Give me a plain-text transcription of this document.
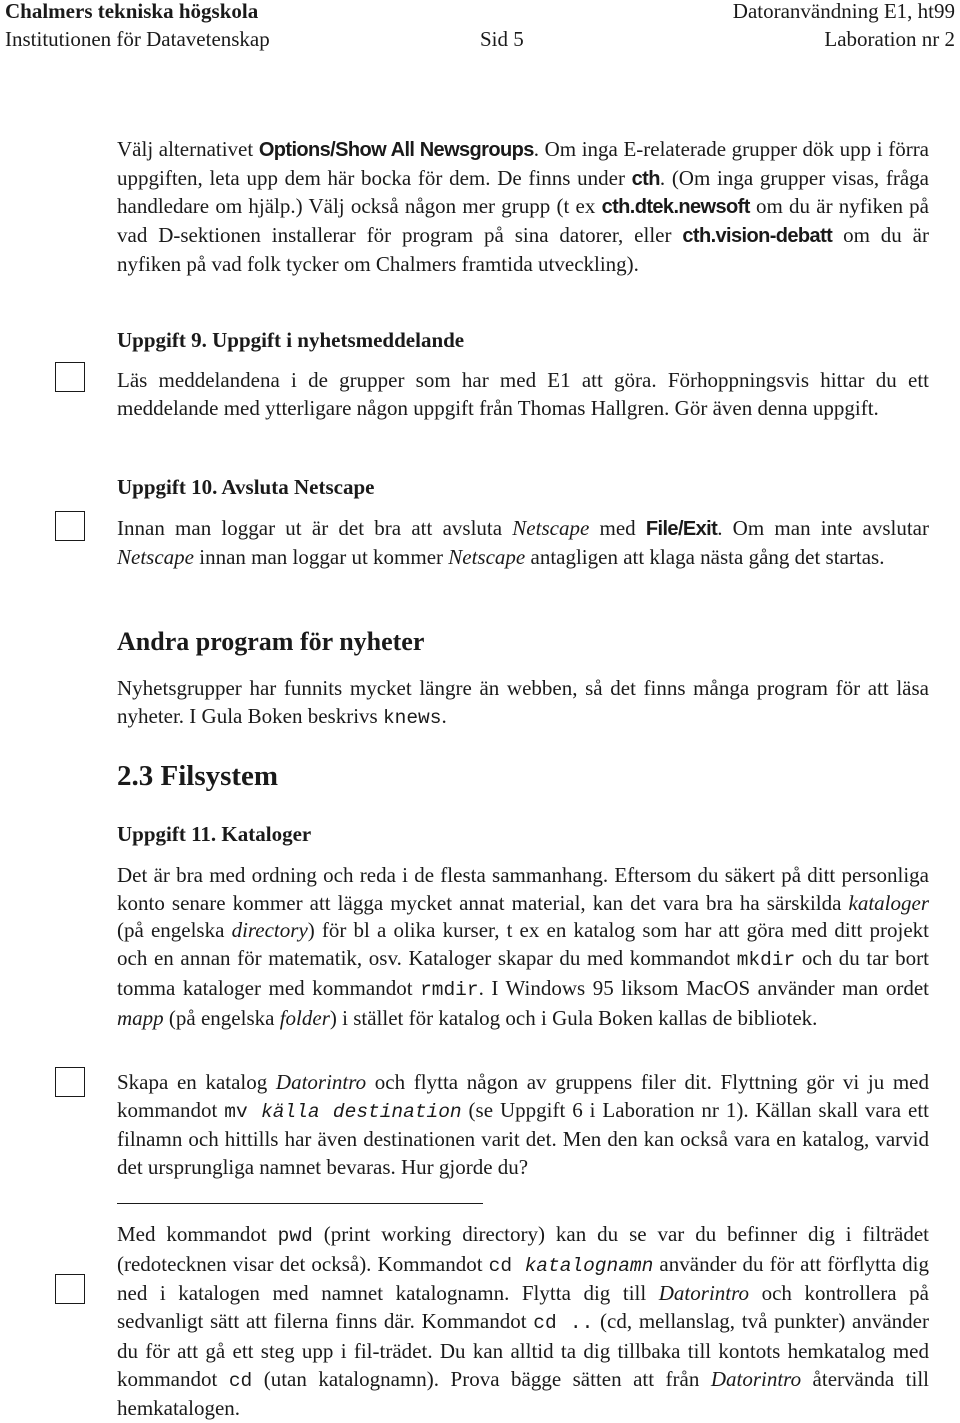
Chalmers tekniska högskola
Institutionen för Datavetenskap	Sid 5
Datoranvändning E1, ht99
Laboration nr 2
Välj alternativet Options/Show All Newsgroups. Om inga E-relaterade grupper dök upp i förra uppgiften, leta upp dem här bocka för dem. De finns under cth. (Om inga grupper visas, fråga handledare om hjälp.) Välj också någon mer grupp (t ex cth.dtek.newsoft om du är nyfiken på vad D-sektionen installerar för program på sina datorer, eller cth.vision-debatt om du är nyfiken på vad folk tycker om Chalmers framtida utveckling).
Uppgift 9. Uppgift i nyhetsmeddelande
Läs meddelandena i de grupper som har med E1 att göra. Förhoppningsvis hittar du ett meddelande med ytterligare någon uppgift från Thomas Hallgren. Gör även denna uppgift.
Uppgift 10. Avsluta Netscape
Innan man loggar ut är det bra att avsluta Netscape med File/Exit. Om man inte avslutar Netscape innan man loggar ut kommer Netscape antagligen att klaga nästa gång det startas.
Andra program för nyheter
Nyhetsgrupper har funnits mycket längre än webben, så det finns många program för att läsa nyheter. I Gula Boken beskrivs knews.
2.3 Filsystem
Uppgift 11. Kataloger
Det är bra med ordning och reda i de flesta sammanhang. Eftersom du säkert på ditt personliga konto senare kommer att lägga mycket annat material, kan det vara bra ha särskilda kataloger (på engelska directory) för bl a olika kurser, t ex en katalog som har att göra med ditt projekt och en annan för matematik, osv. Kataloger skapar du med kommandot mkdir och du tar bort tomma kataloger med kommandot rmdir. I Windows 95 liksom MacOS använder man ordet mapp (på engelska folder) i stället för katalog och i Gula Boken kallas de bibliotek.
Skapa en katalog Datorintro och flytta någon av gruppens filer dit. Flyttning gör vi ju med kommandot mv källa destination (se Uppgift 6 i Laboration nr 1). Källan skall vara ett filnamn och hittills har även destinationen varit det. Men den kan också vara en katalog, varvid det ursprungliga namnet bevaras. Hur gjorde du?
Med kommandot pwd (print working directory) kan du se var du befinner dig i filträdet (redoteckne​n visar det också). Kommandot cd katalognamn använder du för att förflytta dig ned i katalogen med namnet katalognamn. Flytta dig till Datorintro och kontrollera på sedvanligt sätt att filerna finns där. Kommandot cd .. (cd, mellanslag, två punkter) använder du för att gå ett steg upp i fil-trädet. Du kan alltid ta dig tillbaka till kontots hemkatalog med kommandot cd (utan katalognamn). Prova bägge sätten att från Datorintro återvända till hemkatalogen.
